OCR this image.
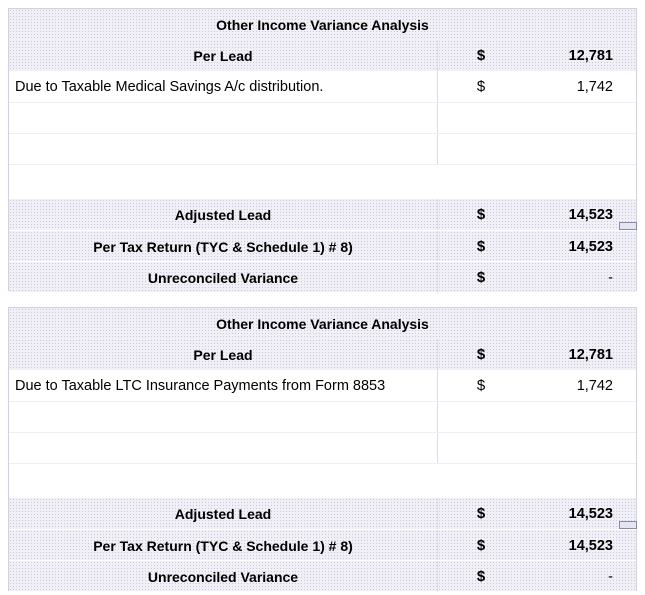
Other Income Variance Analysis
Per Lead	$	12,781
Due to Taxable Medical Savings A/c distribution.	$	1,742
Adjusted Lead	$	14,523
Per Tax Return (TYC & Schedule 1) # 8)	$	14,523
Unreconciled Variance	$	-
Other Income Variance Analysis
Per Lead	$	12,781
Due to Taxable LTC Insurance Payments from Form 8853	$	1,742
Adjusted Lead	$	14,523
Per Tax Return (TYC & Schedule 1) # 8)	$	14,523
Unreconciled Variance	$	-
